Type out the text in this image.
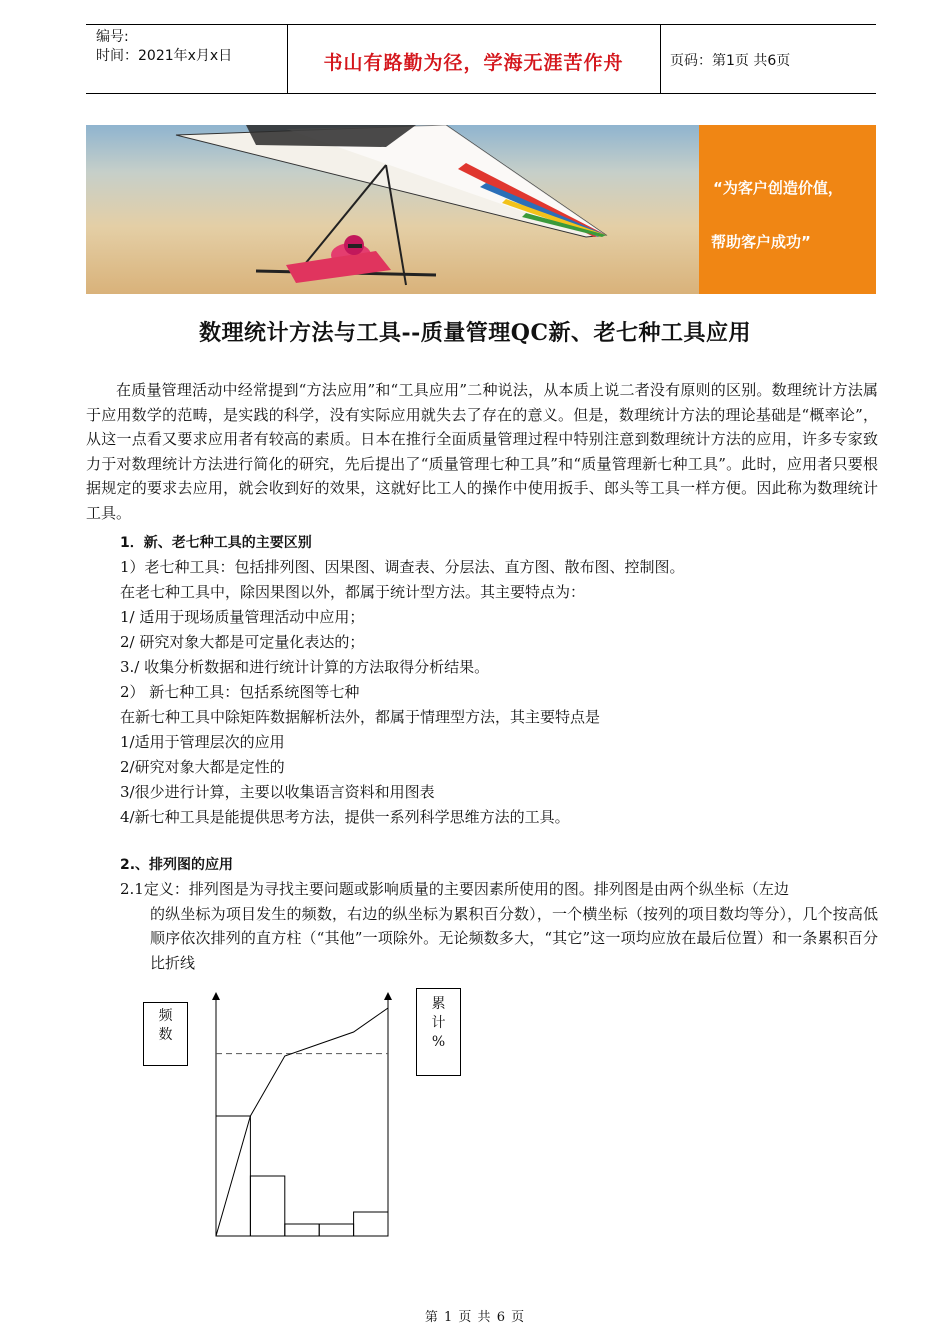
编号:
时间：2021年x月x日	书山有路勤为径，学海无涯苦作舟	页码：第1页 共6页
“为客户创造价值，
帮助客户成功”
数理统计方法与工具--质量管理QC新、老七种工具应用
在质量管理活动中经常提到“方法应用”和“工具应用”二种说法，从本质上说二者没有原则的区别。数理统计方法属于应用数学的范畴，是实践的科学，没有实际应用就失去了存在的意义。但是，数理统计方法的理论基础是“概率论”，从这一点看又要求应用者有较高的素质。日本在推行全面质量管理过程中特别注意到数理统计方法的应用，许多专家致力于对数理统计方法进行简化的研究，先后提出了“质量管理七种工具”和“质量管理新七种工具”。此时，应用者只要根据规定的要求去应用，就会收到好的效果，这就好比工人的操作中使用扳手、郎头等工具一样方便。因此称为数理统计工具。
1．新、老七种工具的主要区别
1）老七种工具：包括排列图、因果图、调查表、分层法、直方图、散布图、控制图。
在老七种工具中，除因果图以外，都属于统计型方法。其主要特点为：
1/ 适用于现场质量管理活动中应用；
2/ 研究对象大都是可定量化表达的；
3./ 收集分析数据和进行统计计算的方法取得分析结果。
2） 新七种工具：包括系统图等七种
在新七种工具中除矩阵数据解析法外，都属于情理型方法，其主要特点是
1/适用于管理层次的应用
2/研究对象大都是定性的
3/很少进行计算，主要以收集语言资料和用图表
4/新七种工具是能提供思考方法，提供一系列科学思维方法的工具。
2.、排列图的应用
2.1定义：排列图是为寻找主要问题或影响质量的主要因素所使用的图。排列图是由两个纵坐标（左边
的纵坐标为项目发生的频数，右边的纵坐标为累积百分数），一个横坐标（按列的项目数均等分），几个按高低顺序依次排列的直方柱（“其他”一项除外。无论频数多大，“其它”这一项均应放在最后位置）和一条累积百分比折线
频
数
累
计
%
第 1 页 共 6 页
